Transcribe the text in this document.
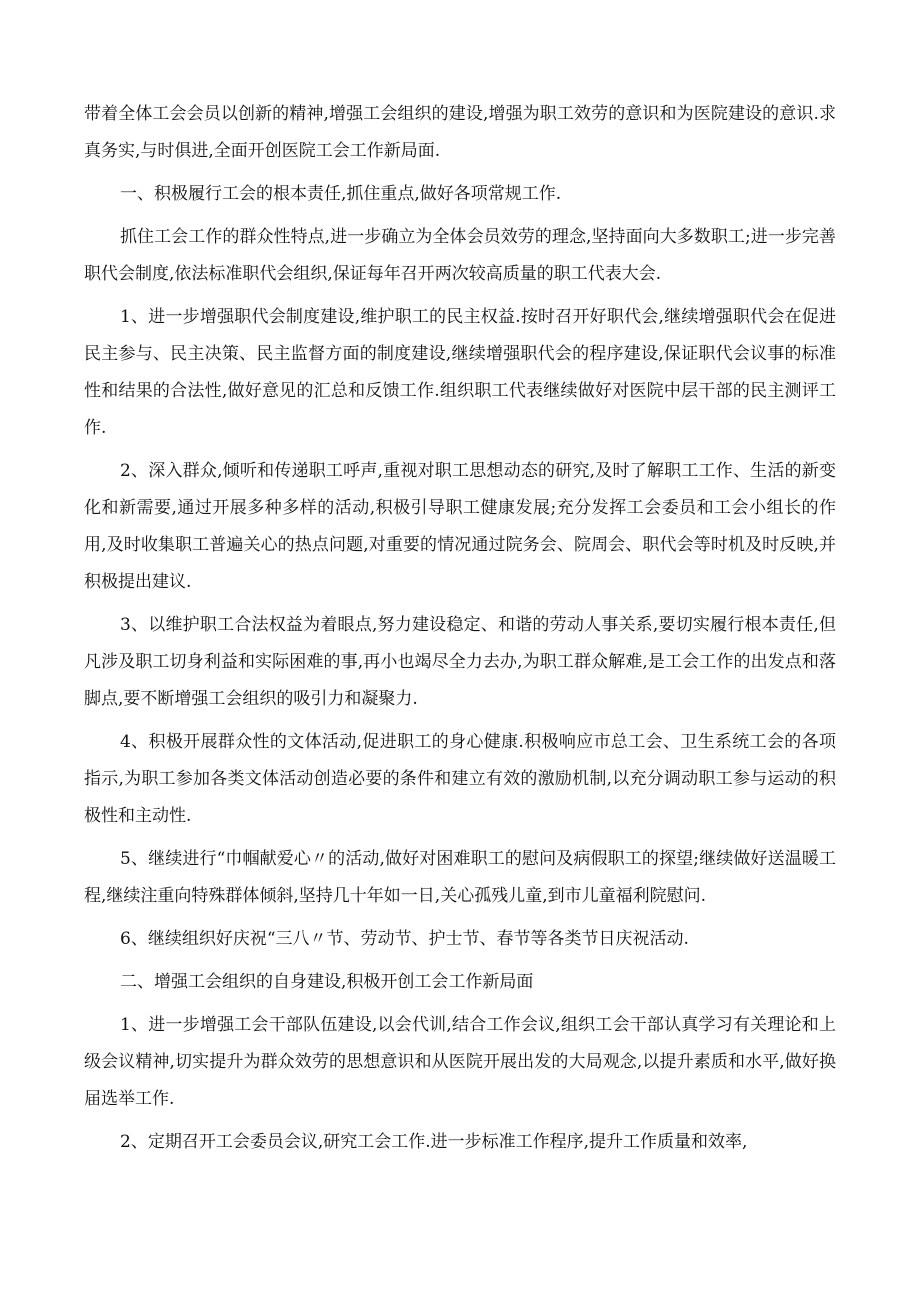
带着全体工会会员以创新的精神,增强工会组织的建设,增强为职工效劳的意识和为医院建设的意识.求真务实,与时俱进,全面开创医院工会工作新局面.

一、积极履行工会的根本责任,抓住重点,做好各项常规工作.

抓住工会工作的群众性特点,进一步确立为全体会员效劳的理念,坚持面向大多数职工;进一步完善职代会制度,依法标准职代会组织,保证每年召开两次较高质量的职工代表大会.

1、进一步增强职代会制度建设,维护职工的民主权益.按时召开好职代会,继续增强职代会在促进民主参与、民主决策、民主监督方面的制度建设,继续增强职代会的程序建设,保证职代会议事的标准性和结果的合法性,做好意见的汇总和反馈工作.组织职工代表继续做好对医院中层干部的民主测评工作.

2、深入群众,倾听和传递职工呼声,重视对职工思想动态的研究,及时了解职工工作、生活的新变化和新需要,通过开展多种多样的活动,积极引导职工健康发展;充分发挥工会委员和工会小组长的作用,及时收集职工普遍关心的热点问题,对重要的情况通过院务会、院周会、职代会等时机及时反映,并积极提出建议.

3、以维护职工合法权益为着眼点,努力建设稳定、和谐的劳动人事关系,要切实履行根本责任,但凡涉及职工切身利益和实际困难的事,再小也竭尽全力去办,为职工群众解难,是工会工作的出发点和落脚点,要不断增强工会组织的吸引力和凝聚力.

4、积极开展群众性的文体活动,促进职工的身心健康.积极响应市总工会、卫生系统工会的各项指示,为职工参加各类文体活动创造必要的条件和建立有效的激励机制,以充分调动职工参与运动的积极性和主动性.

5、继续进行“巾帼献爱心〃的活动,做好对困难职工的慰问及病假职工的探望;继续做好送温暖工程,继续注重向特殊群体倾斜,坚持几十年如一日,关心孤残儿童,到市儿童福利院慰问.

6、继续组织好庆祝“三八〃节、劳动节、护士节、春节等各类节日庆祝活动.

二、增强工会组织的自身建设,积极开创工会工作新局面

1、进一步增强工会干部队伍建设,以会代训,结合工作会议,组织工会干部认真学习有关理论和上级会议精神,切实提升为群众效劳的思想意识和从医院开展出发的大局观念,以提升素质和水平,做好换届选举工作.

2、定期召开工会委员会议,研究工会工作.进一步标准工作程序,提升工作质量和效率,
